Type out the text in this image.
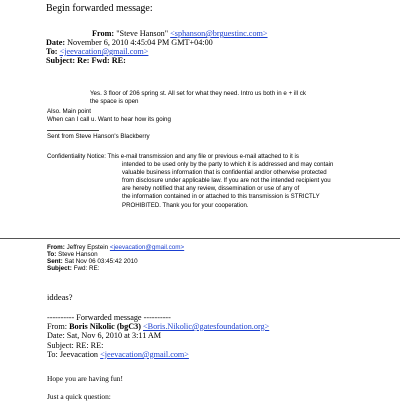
Begin forwarded message:
From: "Steve Hanson" <sphanson@brguestinc.com>
Date: November 6, 2010 4:45:04 PM GMT+04:00
To: <jeevacation@gmail.com>
Subject: Re: Fwd: RE:
Yes. 3 floor of 206 spring st. All set for what they need. Intro us both in e + ill ck
the space is open
Also. Main point
When can I call u. Want to hear how its going
Sent from Steve Hanson's Blackberry
Confidentiality Notice: This e-mail transmission and any file or previous e-mail attached to it is
intended to be used only by the party to which it is addressed and may contain
valuable business information that is confidential and/or otherwise protected
from disclosure under applicable law. If you are not the intended recipient you
are hereby notified that any review, dissemination or use of any of
the information contained in or attached to this transmission is STRICTLY
PROHIBITED. Thank you for your cooperation.
From: Jeffrey Epstein <jeevacation@gmail.com>
To: Steve Hanson
Sent: Sat Nov 06 03:45:42 2010
Subject: Fwd: RE:
iddeas?
---------- Forwarded message ----------
From: Boris Nikolic (bgC3) <Boris.Nikolic@gatesfoundation.org>
Date: Sat, Nov 6, 2010 at 3:11 AM
Subject: RE: RE:
To: Jeevacation <jeevacation@gmail.com>
Hope you are having fun!
Just a quick question:
